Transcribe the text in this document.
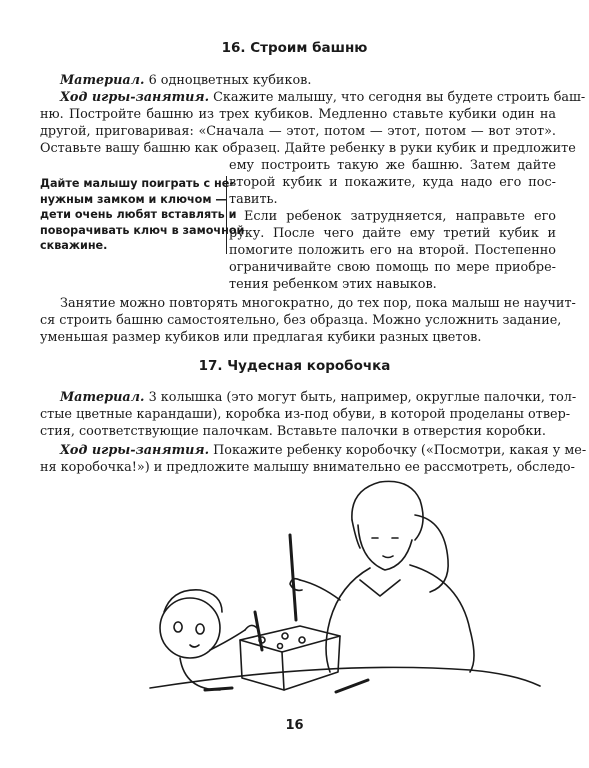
16. Строим башню
Материал. 6 одноцветных кубиков.
Ход игры-занятия. Скажите малышу, что сегодня вы будете строить баш-
ню. Постройте башню из трех кубиков. Медленно ставьте кубики один на
другой, приговаривая: «Сначала — этот, потом — этот, потом — вот этот».
Оставьте вашу башню как образец. Дайте ребенку в руки кубик и предложите
Дайте малышу поиграть с не-
нужным замком и ключом —
дети очень любят вставлять и
поворачивать ключ в замочной
скважине.
ему построить такую же башню. Затем дайте
второй кубик и покажите, куда надо его пос-
тавить.
Если ребенок затрудняется, направьте его
руку. После чего дайте ему третий кубик и
помогите положить его на второй. Постепенно
ограничивайте свою помощь по мере приобре-
тения ребенком этих навыков.
Занятие можно повторять многократно, до тех пор, пока малыш не научит-
ся строить башню самостоятельно, без образца. Можно усложнить задание,
уменьшая размер кубиков или предлагая кубики разных цветов.
17. Чудесная коробочка
Материал. 3 колышка (это могут быть, например, округлые палочки, тол-
стые цветные карандаши), коробка из-под обуви, в которой проделаны отвер-
стия, соответствующие палочкам. Вставьте палочки в отверстия коробки.
Ход игры-занятия. Покажите ребенку коробочку («Посмотри, какая у ме-
ня коробочка!») и предложите малышу внимательно ее рассмотреть, обследо-
16
